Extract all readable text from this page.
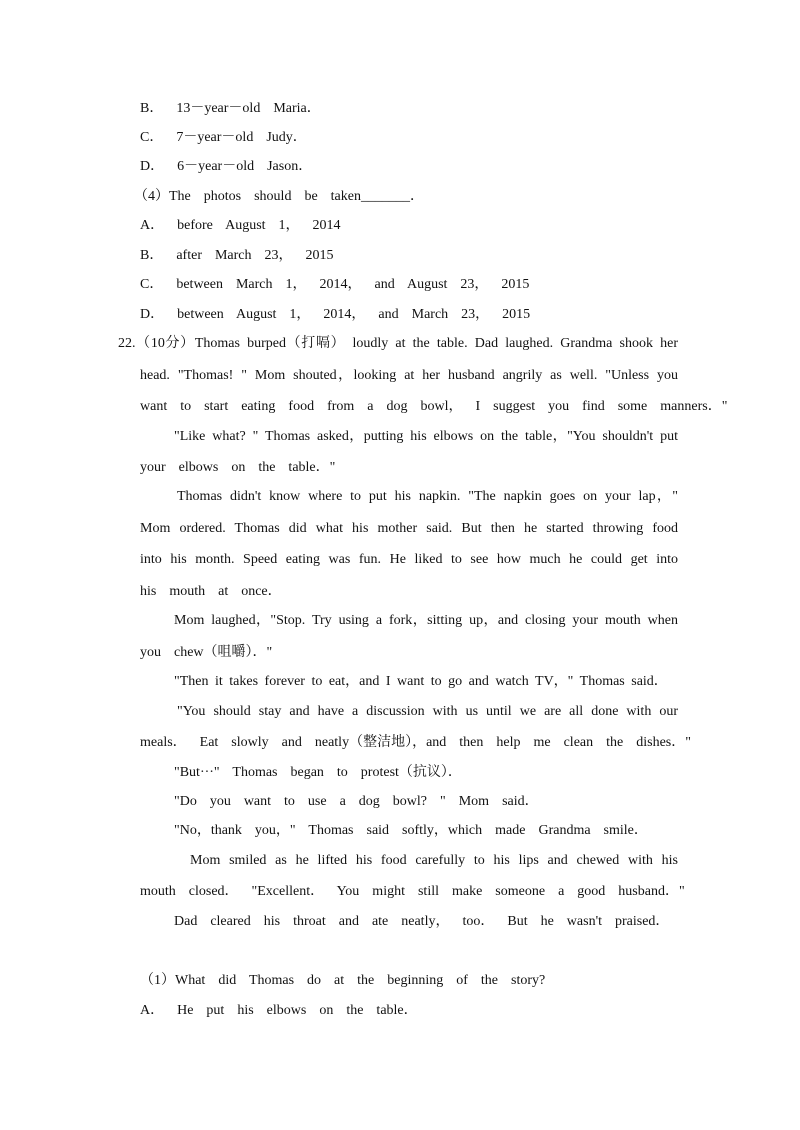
B．  13－year－old  Maria．
C．  7－year－old  Judy．
D．  6－year－old  Jason．
（4）The  photos  should  be  taken_______．
A．  before  August  1，  2014
B．  after  March  23，  2015
C．  between  March  1，  2014，  and  August  23，  2015
D．  between  August  1，  2014，  and  March  23，  2015
22.（10分）Thomas burped（打嗝） loudly at the table. Dad laughed. Grandma shook her
head. "Thomas! " Mom shouted，looking at her husband angrily as well. "Unless you
want  to  start  eating  food  from  a  dog  bowl，  I  suggest  you  find  some  manners．"
"Like what? " Thomas asked，putting his elbows on the table，"You shouldn't put
your  elbows  on  the  table．"
Thomas didn't know where to put his napkin. "The napkin goes on your lap，"
Mom ordered. Thomas did what his mother said. But then he started throwing food
into his month. Speed eating was fun. He liked to see how much he could get into
his  mouth  at  once．
Mom laughed，"Stop. Try using a fork，sitting up，and closing your mouth when
you  chew（咀嚼）．"
"Then it takes forever to eat，and I want to go and watch TV，" Thomas said．
"You should stay and have a discussion with us until we are all done with our
meals．  Eat  slowly  and  neatly（整洁地），and  then  help  me  clean  the  dishes．"
"But···"  Thomas  began  to  protest（抗议）．
"Do  you  want  to  use  a  dog  bowl?  "  Mom  said．
"No，thank  you，"  Thomas  said  softly，which  made  Grandma  smile．
Mom smiled as he lifted his food carefully to his lips and chewed with his
mouth  closed．  "Excellent．  You  might  still  make  someone  a  good  husband．"
Dad  cleared  his  throat  and  ate  neatly，  too．  But  he  wasn't  praised．
（1）What  did  Thomas  do  at  the  beginning  of  the  story?
A．  He  put  his  elbows  on  the  table．
